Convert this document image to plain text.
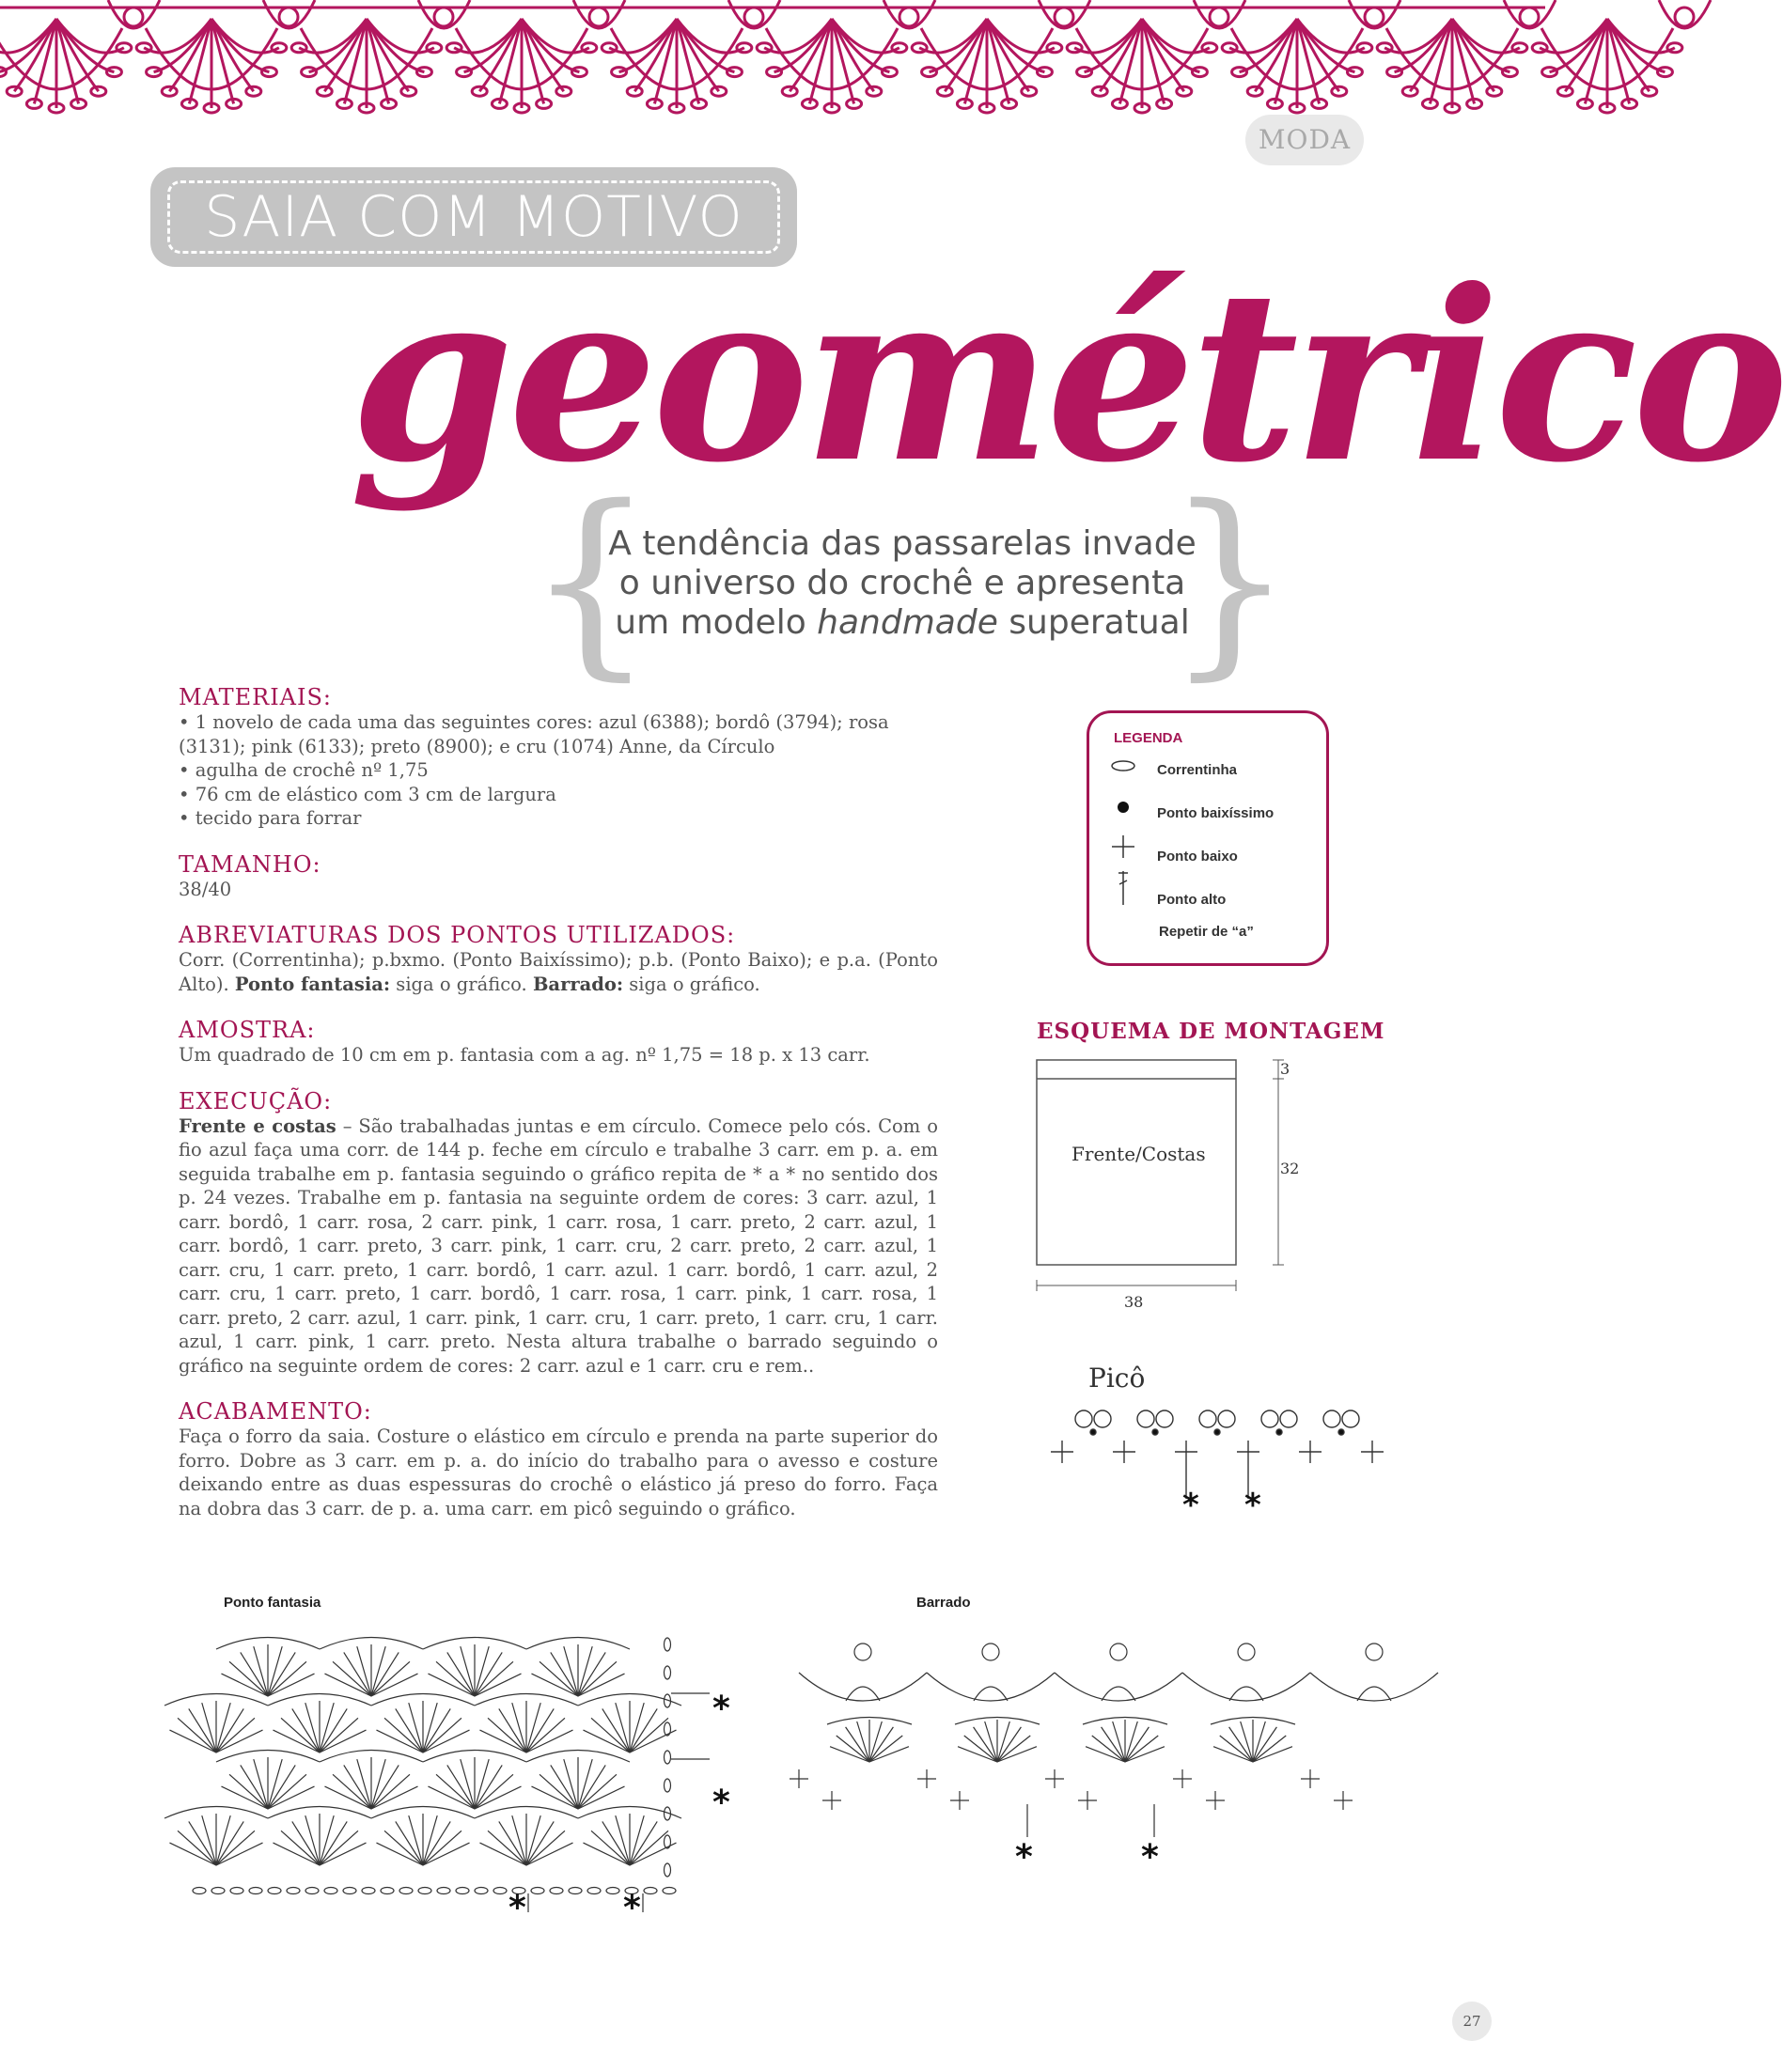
MODA
SAIA COM MOTIVO
geométrico
{	}
A tendência das passarelas invade o universo do crochê e apresenta um modelo handmade superatual

MATERIAIS:

• 1 novelo de cada uma das seguintes cores: azul (6388); bordô (3794); rosa (3131); pink (6133); preto (8900); e cru (1074) Anne, da Círculo

• agulha de crochê nº 1,75

• 76 cm de elástico com 3 cm de largura

• tecido para forrar

TAMANHO:

38/40

ABREVIATURAS DOS PONTOS UTILIZADOS:

Corr. (Correntinha); p.bxmo. (Ponto Baixíssimo); p.b. (Ponto Baixo); e p.a. (Ponto Alto). Ponto fantasia: siga o gráfico. Barrado: siga o gráfico.

AMOSTRA:

Um quadrado de 10 cm em p. fantasia com a ag. nº 1,75 = 18 p. x 13 carr.

EXECUÇÃO:

Frente e costas – São trabalhadas juntas e em círculo. Comece pelo cós. Com o fio azul faça uma corr. de 144 p. feche em círculo e trabalhe 3 carr. em p. a. em seguida trabalhe em p. fantasia seguindo o gráfico repita de * a * no sentido dos p. 24 vezes. Trabalhe em p. fantasia na seguinte ordem de cores: 3 carr. azul, 1 carr. bordô, 1 carr. rosa, 2 carr. pink, 1 carr. rosa, 1 carr. preto, 2 carr. azul, 1 carr. bordô, 1 carr. preto, 3 carr. pink, 1 carr. cru, 2 carr. preto, 2 carr. azul, 1 carr. cru, 1 carr. preto, 1 carr. bordô, 1 carr. azul. 1 carr. bordô, 1 carr. azul, 2 carr. cru, 1 carr. preto, 1 carr. bordô, 1 carr. rosa, 1 carr. pink, 1 carr. rosa, 1 carr. preto, 2 carr. azul, 1 carr. pink, 1 carr. cru, 1 carr. preto, 1 carr. cru, 1 carr. azul, 1 carr. pink, 1 carr. preto. Nesta altura trabalhe o barrado seguindo o gráfico na seguinte ordem de cores: 2 carr. azul e 1 carr. cru e rem..

ACABAMENTO:

Faça o forro da saia. Costure o elástico em círculo e prenda na parte superior do forro. Dobre as 3 carr. em p. a. do início do trabalho para o avesso e costure deixando entre as duas espessuras do crochê o elástico já preso do forro. Faça na dobra das 3 carr. de p. a. uma carr. em picô seguindo o gráfico.

LEGENDA
Correntinha
Ponto baixíssimo
Ponto baixo
Ponto alto
Repetir de “a”
ESQUEMA DE MONTAGEM
Frente/Costas
3
32
38
Picô
* *
Ponto fantasia	Barrado
*
*
*	*
*	*
27
